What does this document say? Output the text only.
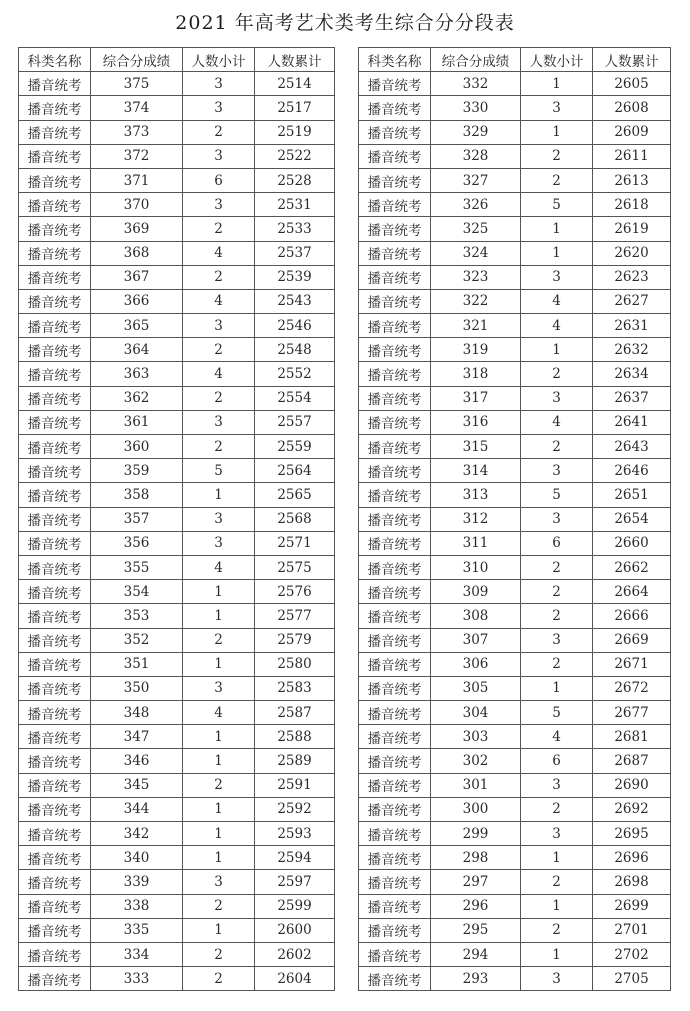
2021 年高考艺术类考生综合分分段表
科类名称	综合分成绩	人数小计	人数累计
播音统考	375	3	2514
播音统考	374	3	2517
播音统考	373	2	2519
播音统考	372	3	2522
播音统考	371	6	2528
播音统考	370	3	2531
播音统考	369	2	2533
播音统考	368	4	2537
播音统考	367	2	2539
播音统考	366	4	2543
播音统考	365	3	2546
播音统考	364	2	2548
播音统考	363	4	2552
播音统考	362	2	2554
播音统考	361	3	2557
播音统考	360	2	2559
播音统考	359	5	2564
播音统考	358	1	2565
播音统考	357	3	2568
播音统考	356	3	2571
播音统考	355	4	2575
播音统考	354	1	2576
播音统考	353	1	2577
播音统考	352	2	2579
播音统考	351	1	2580
播音统考	350	3	2583
播音统考	348	4	2587
播音统考	347	1	2588
播音统考	346	1	2589
播音统考	345	2	2591
播音统考	344	1	2592
播音统考	342	1	2593
播音统考	340	1	2594
播音统考	339	3	2597
播音统考	338	2	2599
播音统考	335	1	2600
播音统考	334	2	2602
播音统考	333	2	2604
科类名称	综合分成绩	人数小计	人数累计
播音统考	332	1	2605
播音统考	330	3	2608
播音统考	329	1	2609
播音统考	328	2	2611
播音统考	327	2	2613
播音统考	326	5	2618
播音统考	325	1	2619
播音统考	324	1	2620
播音统考	323	3	2623
播音统考	322	4	2627
播音统考	321	4	2631
播音统考	319	1	2632
播音统考	318	2	2634
播音统考	317	3	2637
播音统考	316	4	2641
播音统考	315	2	2643
播音统考	314	3	2646
播音统考	313	5	2651
播音统考	312	3	2654
播音统考	311	6	2660
播音统考	310	2	2662
播音统考	309	2	2664
播音统考	308	2	2666
播音统考	307	3	2669
播音统考	306	2	2671
播音统考	305	1	2672
播音统考	304	5	2677
播音统考	303	4	2681
播音统考	302	6	2687
播音统考	301	3	2690
播音统考	300	2	2692
播音统考	299	3	2695
播音统考	298	1	2696
播音统考	297	2	2698
播音统考	296	1	2699
播音统考	295	2	2701
播音统考	294	1	2702
播音统考	293	3	2705
